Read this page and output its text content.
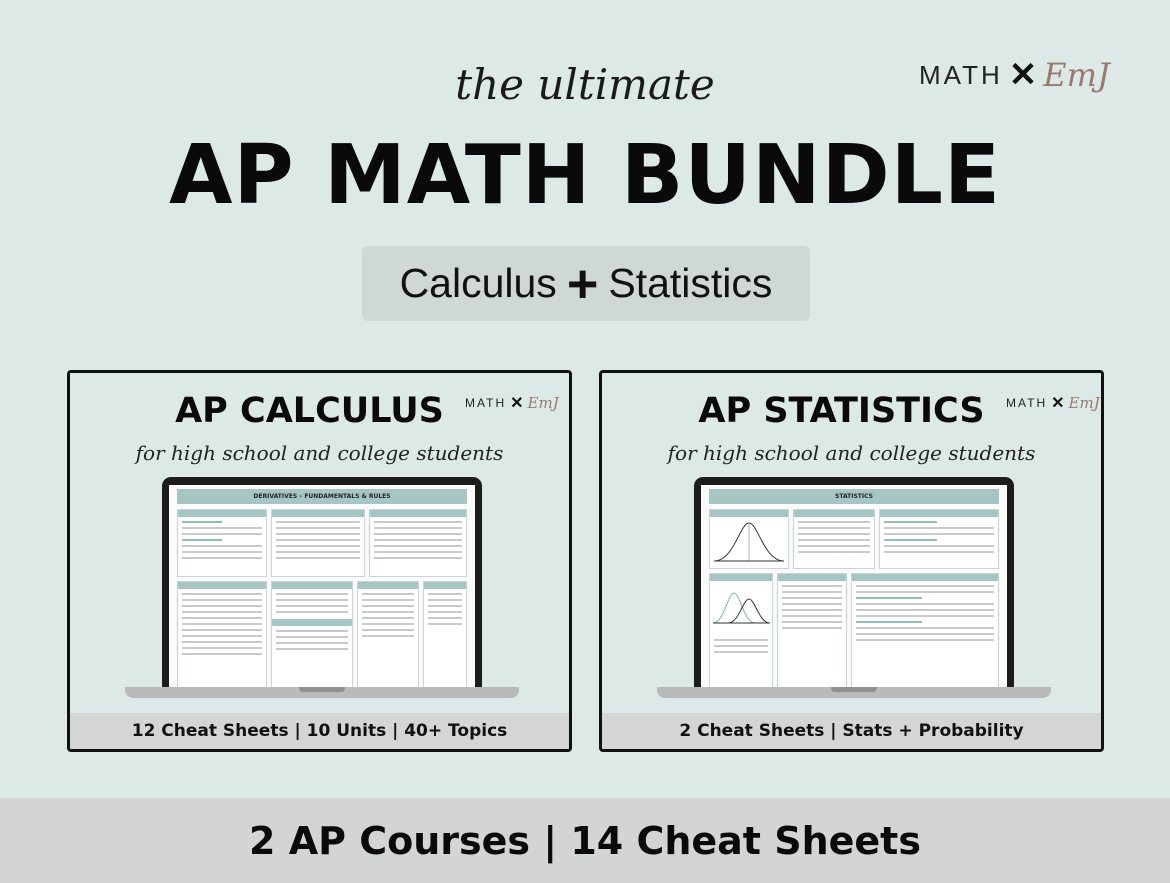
MATH ✕ EmJ
the ultimate
AP MATH BUNDLE
Calculus + Statistics
AP CALCULUS	MATH ✕ EmJ
for high school and college students
DERIVATIVES – FUNDAMENTALS & RULES
12 Cheat Sheets | 10 Units | 40+ Topics
AP STATISTICS	MATH ✕ EmJ
for high school and college students
STATISTICS
2 Cheat Sheets | Stats + Probability
2 AP Courses | 14 Cheat Sheets
